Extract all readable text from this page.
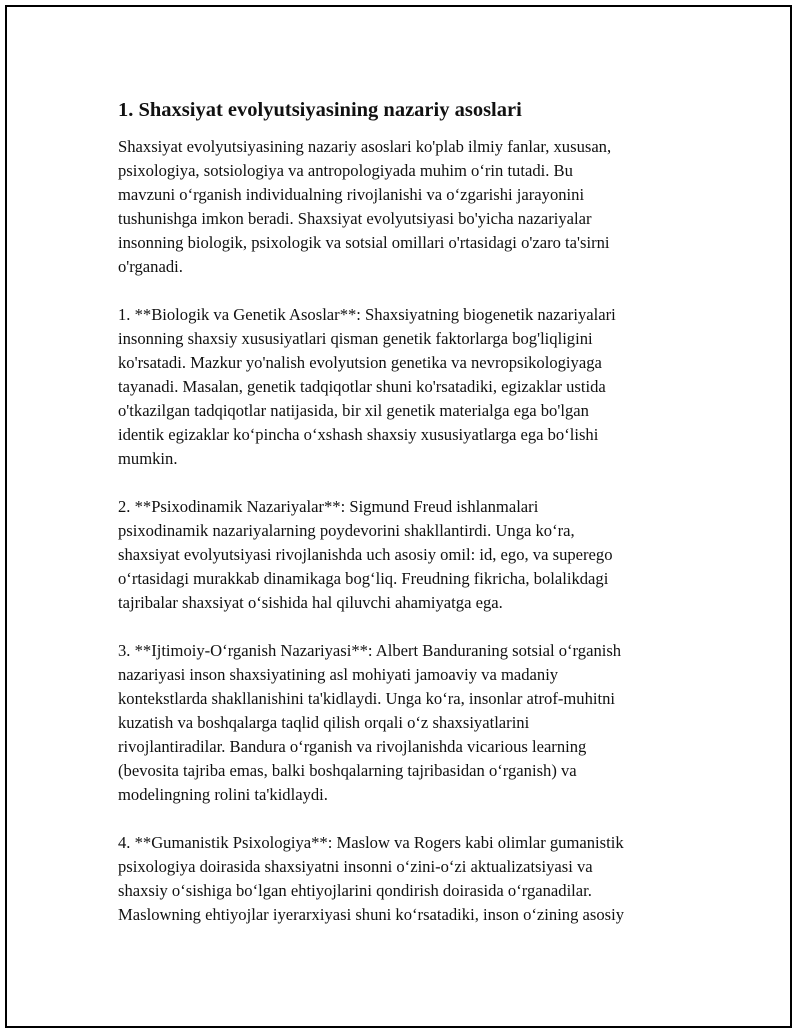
1. Shaxsiyat evolyutsiyasining nazariy asoslari

Shaxsiyat evolyutsiyasining nazariy asoslari ko'plab ilmiy fanlar, xususan,
psixologiya, sotsiologiya va antropologiyada muhim oʻrin tutadi. Bu
mavzuni oʻrganish individualning rivojlanishi va oʻzgarishi jarayonini
tushunishga imkon beradi. Shaxsiyat evolyutsiyasi bo'yicha nazariyalar
insonning biologik, psixologik va sotsial omillari o'rtasidagi o'zaro ta'sirni
o'rganadi.

1. **Biologik va Genetik Asoslar**: Shaxsiyatning biogenetik nazariyalari
insonning shaxsiy xususiyatlari qisman genetik faktorlarga bog'liqligini
ko'rsatadi. Mazkur yo'nalish evolyutsion genetika va nevropsikologiyaga
tayanadi. Masalan, genetik tadqiqotlar shuni ko'rsatadiki, egizaklar ustida
o'tkazilgan tadqiqotlar natijasida, bir xil genetik materialga ega bo'lgan
identik egizaklar koʻpincha oʻxshash shaxsiy xususiyatlarga ega boʻlishi
mumkin.

2. **Psixodinamik Nazariyalar**: Sigmund Freud ishlanmalari
psixodinamik nazariyalarning poydevorini shakllantirdi. Unga koʻra,
shaxsiyat evolyutsiyasi rivojlanishda uch asosiy omil: id, ego, va superego
oʻrtasidagi murakkab dinamikaga bogʻliq. Freudning fikricha, bolalikdagi
tajribalar shaxsiyat oʻsishida hal qiluvchi ahamiyatga ega.

3. **Ijtimoiy-Oʻrganish Nazariyasi**: Albert Banduraning sotsial oʻrganish
nazariyasi inson shaxsiyatining asl mohiyati jamoaviy va madaniy
kontekstlarda shakllanishini ta'kidlaydi. Unga koʻra, insonlar atrof-muhitni
kuzatish va boshqalarga taqlid qilish orqali oʻz shaxsiyatlarini
rivojlantiradilar. Bandura oʻrganish va rivojlanishda vicarious learning
(bevosita tajriba emas, balki boshqalarning tajribasidan oʻrganish) va
modelingning rolini ta'kidlaydi.

4. **Gumanistik Psixologiya**: Maslow va Rogers kabi olimlar gumanistik
psixologiya doirasida shaxsiyatni insonni oʻzini-oʻzi aktualizatsiyasi va
shaxsiy oʻsishiga boʻlgan ehtiyojlarini qondirish doirasida oʻrganadilar.
Maslowning ehtiyojlar iyerarxiyasi shuni koʻrsatadiki, inson oʻzining asosiy
